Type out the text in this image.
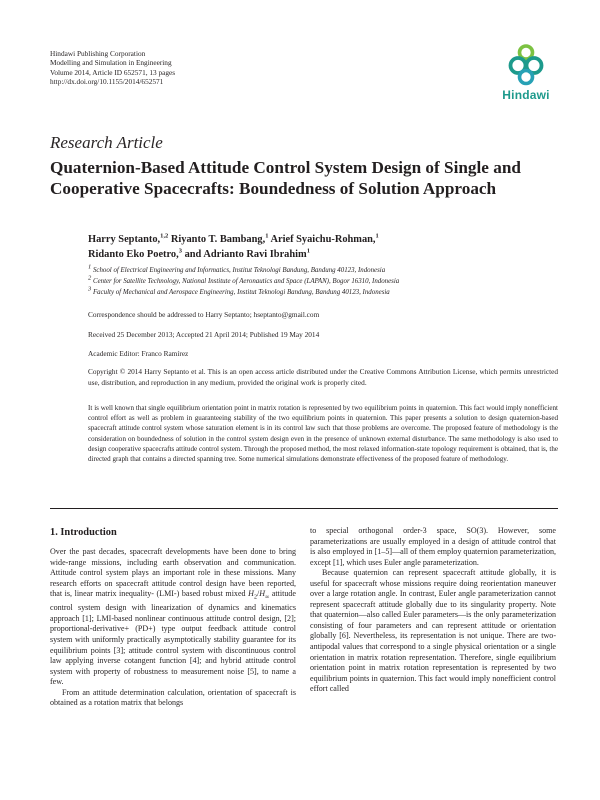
Hindawi Publishing Corporation
Modelling and Simulation in Engineering
Volume 2014, Article ID 652571, 13 pages
http://dx.doi.org/10.1155/2014/652571
Hindawi
Research Article
Quaternion-Based Attitude Control System Design of Single and Cooperative Spacecrafts: Boundedness of Solution Approach
Harry Septanto,$^{1,2}$ Riyanto T. Bambang,$^1$ Arief Syaichu-Rohman,$^1$
Ridanto Eko Poetro,$^3$ and Adrianto Ravi Ibrahim$^1$
$^1$ School of Electrical Engineering and Informatics, Institut Teknologi Bandung, Bandung 40123, Indonesia
$^2$ Center for Satellite Technology, National Institute of Aeronautics and Space (LAPAN), Bogor 16310, Indonesia
$^3$ Faculty of Mechanical and Aerospace Engineering, Institut Teknologi Bandung, Bandung 40123, Indonesia
Correspondence should be addressed to Harry Septanto; hseptanto@gmail.com
Received 25 December 2013; Accepted 21 April 2014; Published 19 May 2014
Academic Editor: Franco Ramírez
Copyright © 2014 Harry Septanto et al. This is an open access article distributed under the Creative Commons Attribution License, which permits unrestricted use, distribution, and reproduction in any medium, provided the original work is properly cited.
It is well known that single equilibrium orientation point in matrix rotation is represented by two equilibrium points in quaternion. This fact would imply nonefficient control effort as well as problem in guaranteeing stability of the two equilibrium points in quaternion. This paper presents a solution to design quaternion-based spacecraft attitude control system whose saturation element is in its control law such that those problems are overcome. The proposed feature of methodology is the consideration on boundedness of solution in the control system design even in the presence of unknown external disturbance. The same methodology is also used to design cooperative spacecrafts attitude control system. Through the proposed method, the most relaxed information-state topology requirement is obtained, that is, the directed graph that contains a directed spanning tree. Some numerical simulations demonstrate effectiveness of the proposed feature of methodology.
1. Introduction

Over the past decades, spacecraft developments have been done to bring wide-range missions, including earth observation and communication. Attitude control system plays an important role in these missions. Many research efforts on spacecraft attitude control design have been reported, that is, linear matrix inequality- (LMI-) based robust mixed $H_2/H_\infty$ attitude control system design with linearization of dynamics and kinematics approach [1]; LMI-based nonlinear continuous attitude control design, [2]; proportional-derivative+ (PD+) type output feedback attitude control system with uniformly practically asymptotically stability guarantee for its equilibrium points [3]; attitude control system with discontinuous control law applying inverse cotangent function [4]; and hybrid attitude control system with property of robustness to measurement noise [5], to name a few.

From an attitude determination calculation, orientation of spacecraft is obtained as a rotation matrix that belongs

to special orthogonal order-3 space, SO(3). However, some parameterizations are usually employed in a design of attitude control that is also employed in [1–5]—all of them employ quaternion parameterization, except [1], which uses Euler angle parameterization.

Because quaternion can represent spacecraft attitude globally, it is useful for spacecraft whose missions require doing reorientation maneuver over a large rotation angle. In contrast, Euler angle parameterization cannot represent spacecraft attitude globally due to its singularity property. Note that quaternion—also called Euler parameters—is the only parameterization consisting of four parameters and can represent attitude or orientation globally [6]. Nevertheless, its representation is not unique. There are two-antipodal values that correspond to a single physical orientation or a single orientation in matrix rotation representation. Therefore, single equilibrium orientation point in matrix rotation representation is represented by two equilibrium points in quaternion. This fact would imply nonefficient control effort called
